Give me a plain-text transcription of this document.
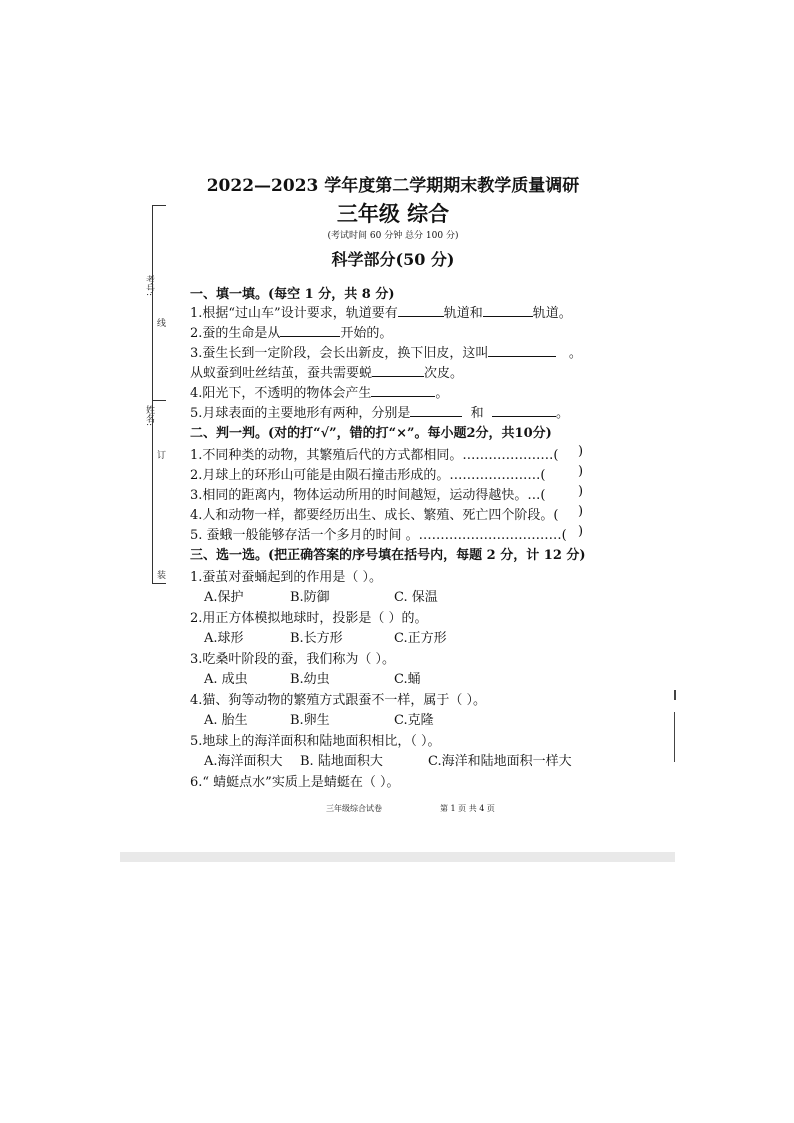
考号:
线
姓名:
订
装
2022—2023 学年度第二学期期末教学质量调研
三年级 综合
(考试时间 60 分钟 总分 100 分)
科学部分(50 分)
一、填一填。(每空 1 分，共 8 分)
1.根据“过山车”设计要求，轨道要有	轨道和	轨道。
2.蚕的生命是从	开始的。
3.蚕生长到一定阶段，会长出新皮，换下旧皮，这叫	。
从蚁蚕到吐丝结茧，蚕共需要蜕	次皮。
4.阳光下，不透明的物体会产生	。
5.月球表面的主要地形有两种，分别是	和	。
二、判一判。(对的打“√”，错的打“×”。每小题2分，共10分)
1.不同种类的动物，其繁殖后代的方式都相同。…………………( )
2.月球上的环形山可能是由陨石撞击形成的。…………………(	)
3.相同的距离内，物体运动所用的时间越短，运动得越快。…(	)
4.人和动物一样，都要经历出生、成长、繁殖、死亡四个阶段。( )
5. 蚕蛾一般能够存活一个多月的时间 。……………………………( )
三、选一选。(把正确答案的序号填在括号内，每题 2 分，计 12 分)
1.蚕茧对蚕蛹起到的作用是（ ）。
A.保护	B.防御	C. 保温
2.用正方体模拟地球时，投影是（ ）的。
A.球形	B.长方形	C.正方形
3.吃桑叶阶段的蚕，我们称为（ ）。
A. 成虫	B.幼虫	C.蛹
4.猫、狗等动物的繁殖方式跟蚕不一样，属于（ ）。
A. 胎生	B.卵生	C.克隆
5.地球上的海洋面积和陆地面积相比，（ ）。
A.海洋面积大 B. 陆地面积大	C.海洋和陆地面积一样大
6.“ 蜻蜓点水”实质上是蜻蜓在（ ）。
三年级综合试卷	第 1 页 共 4 页
